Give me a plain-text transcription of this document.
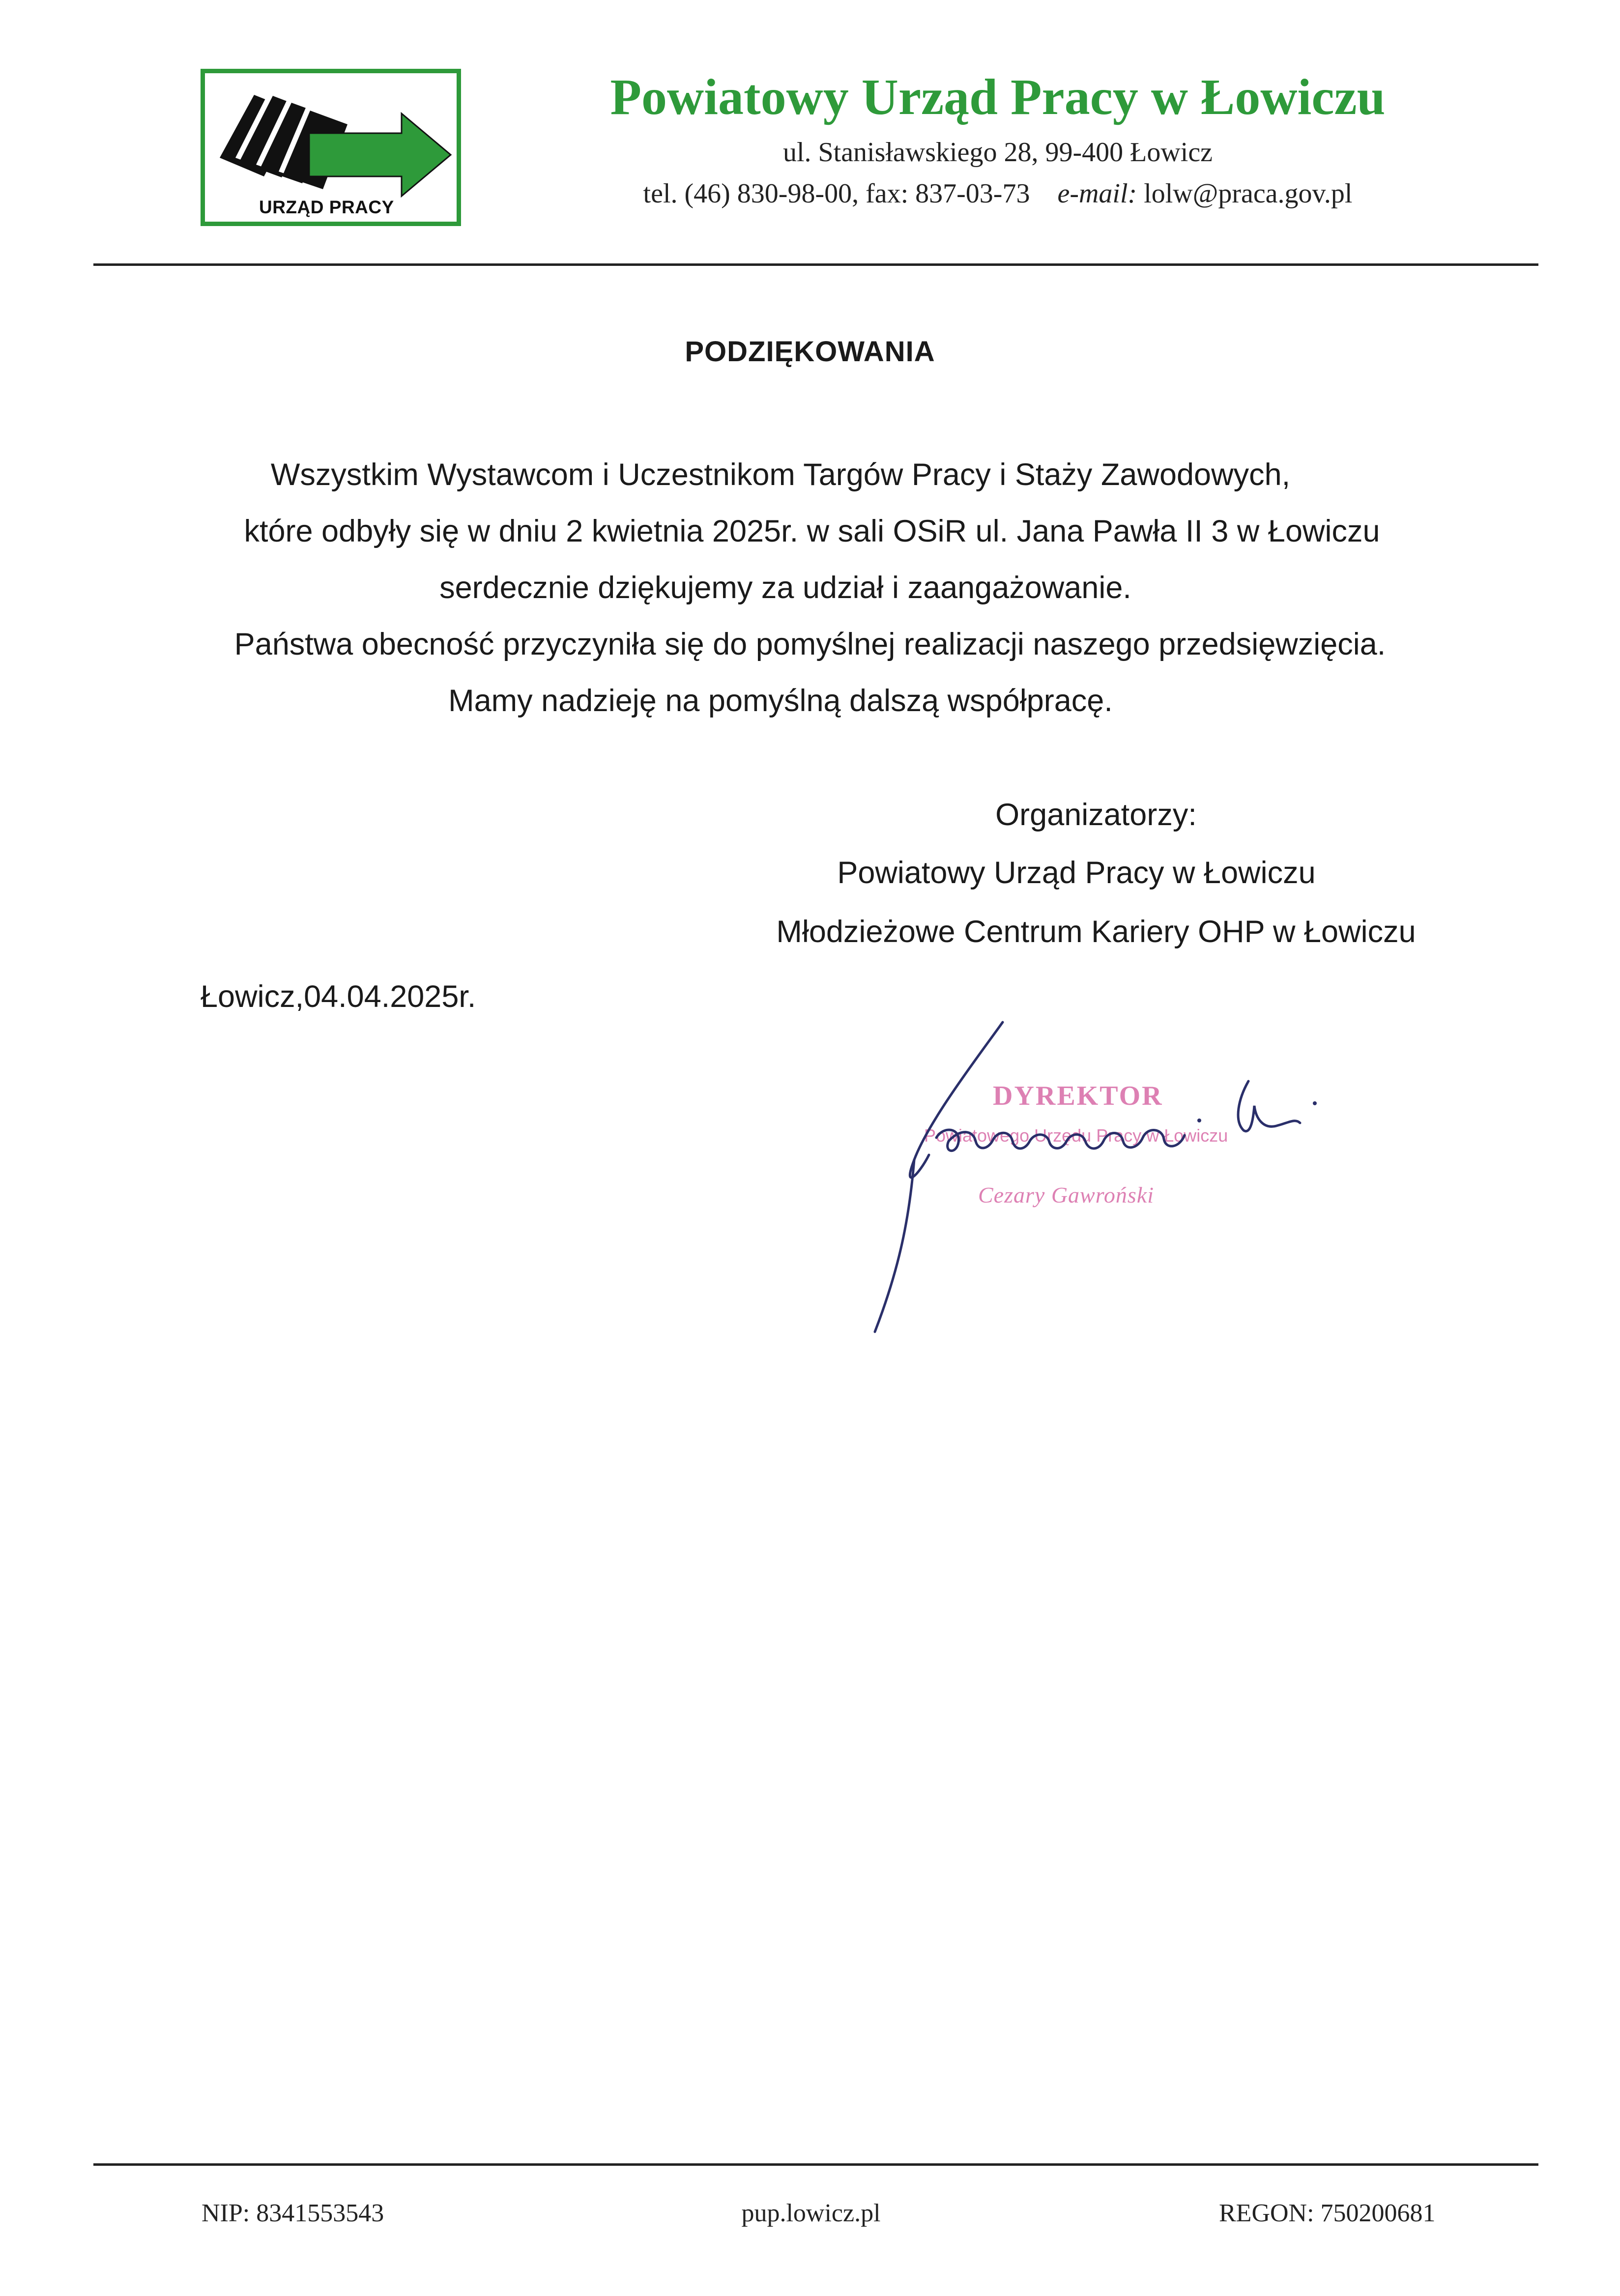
URZĄD PRACY
Powiatowy Urząd Pracy w Łowiczu
ul. Stanisławskiego 28, 99-400 Łowicz
tel. (46) 830-98-00, fax: 837-03-73 e-mail: lolw@praca.gov.pl
PODZIĘKOWANIA
Wszystkim Wystawcom i Uczestnikom Targów Pracy i Staży Zawodowych,
które odbyły się w dniu 2 kwietnia 2025r. w sali OSiR ul. Jana Pawła II 3 w Łowiczu
serdecznie dziękujemy za udział i zaangażowanie.
Państwa obecność przyczyniła się do pomyślnej realizacji naszego przedsięwzięcia.
Mamy nadzieję na pomyślną dalszą współpracę.
Organizatorzy:
Powiatowy Urząd Pracy w Łowiczu
Młodzieżowe Centrum Kariery OHP w Łowiczu
Łowicz,04.04.2025r.
DYREKTOR
Powiatowego Urzędu Pracy w Łowiczu
Cezary Gawroński
NIP: 8341553543	pup.lowicz.pl	REGON: 750200681
